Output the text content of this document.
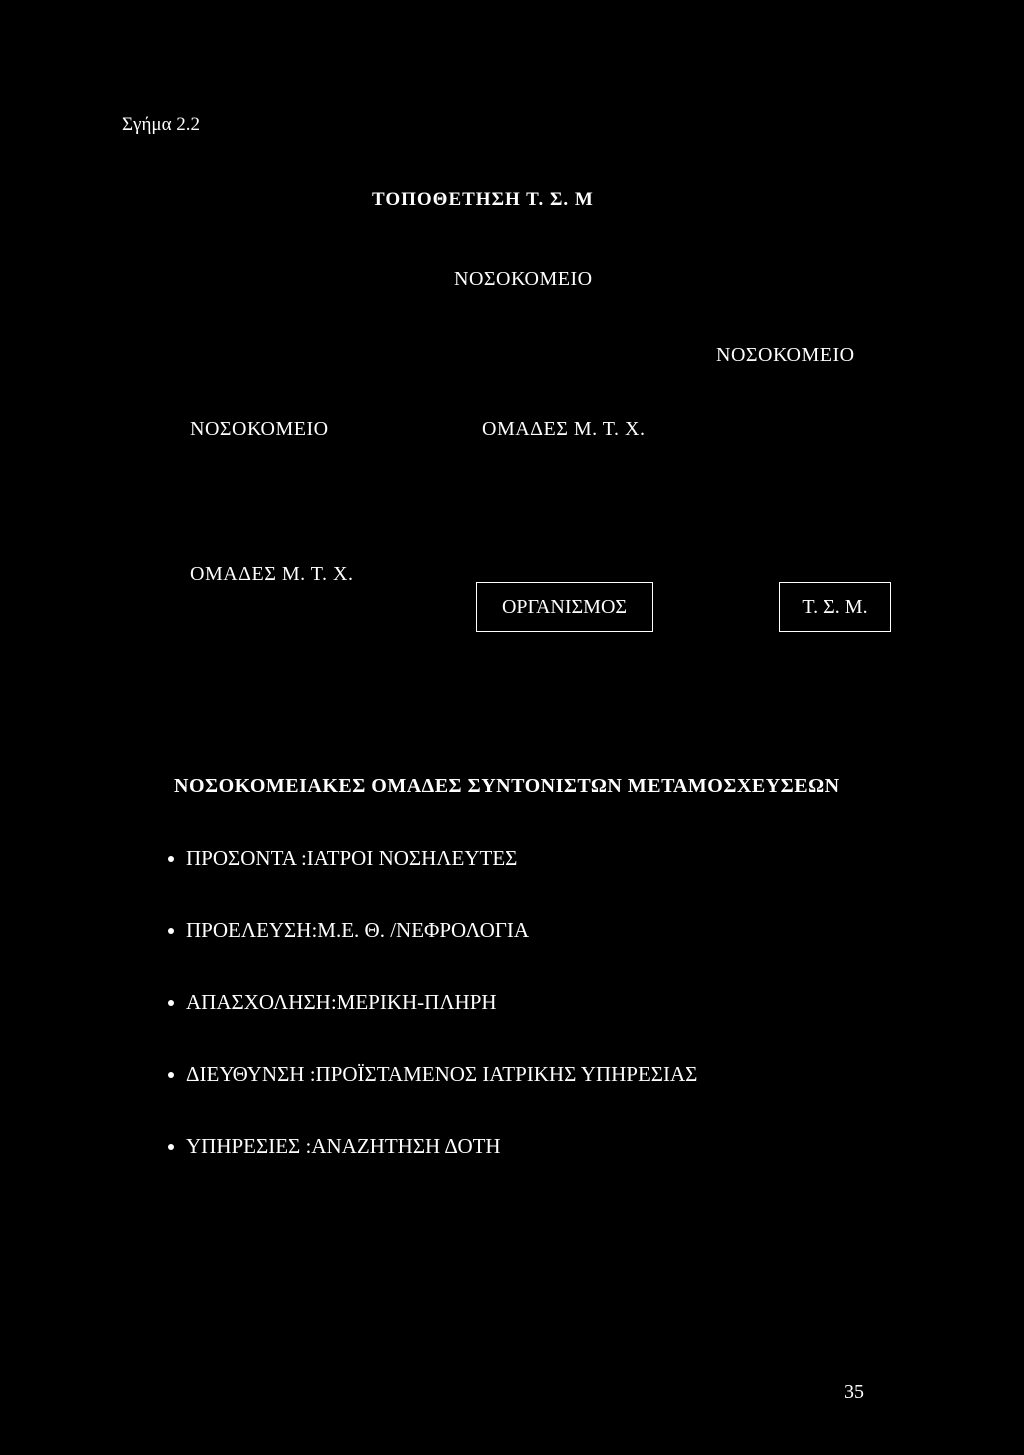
Σγήμα 2.2
ΤΟΠΟΘΕΤΗΣΗ Τ. Σ. Μ
ΝΟΣΟΚΟΜΕΙΟ
ΝΟΣΟΚΟΜΕΙΟ
ΝΟΣΟΚΟΜΕΙΟ	ΟΜΑΔΕΣ Μ. Τ. Χ.
ΟΜΑΔΕΣ Μ. Τ. Χ.
ΟΡΓΑΝΙΣΜΟΣ	Τ. Σ. Μ.
ΝΟΣΟΚΟΜΕΙΑΚΕΣ ΟΜΑΔΕΣ ΣΥΝΤΟΝΙΣΤΩΝ ΜΕΤΑΜΟΣΧΕΥΣΕΩΝ
ΠΡΟΣΟΝΤΑ :ΙΑΤΡΟΙ ΝΟΣΗΛΕΥΤΕΣ
ΠΡΟΕΛΕΥΣΗ:Μ.Ε. Θ. /ΝΕΦΡΟΛΟΓΙΑ
ΑΠΑΣΧΟΛΗΣΗ:ΜΕΡΙΚΗ-ΠΛΗΡΗ
ΔΙΕΥΘΥΝΣΗ :ΠΡΟΪΣΤΑΜΕΝΟΣ ΙΑΤΡΙΚΗΣ ΥΠΗΡΕΣΙΑΣ
ΥΠΗΡΕΣΙΕΣ :ΑΝΑΖΗΤΗΣΗ ΔΟΤΗ
35
